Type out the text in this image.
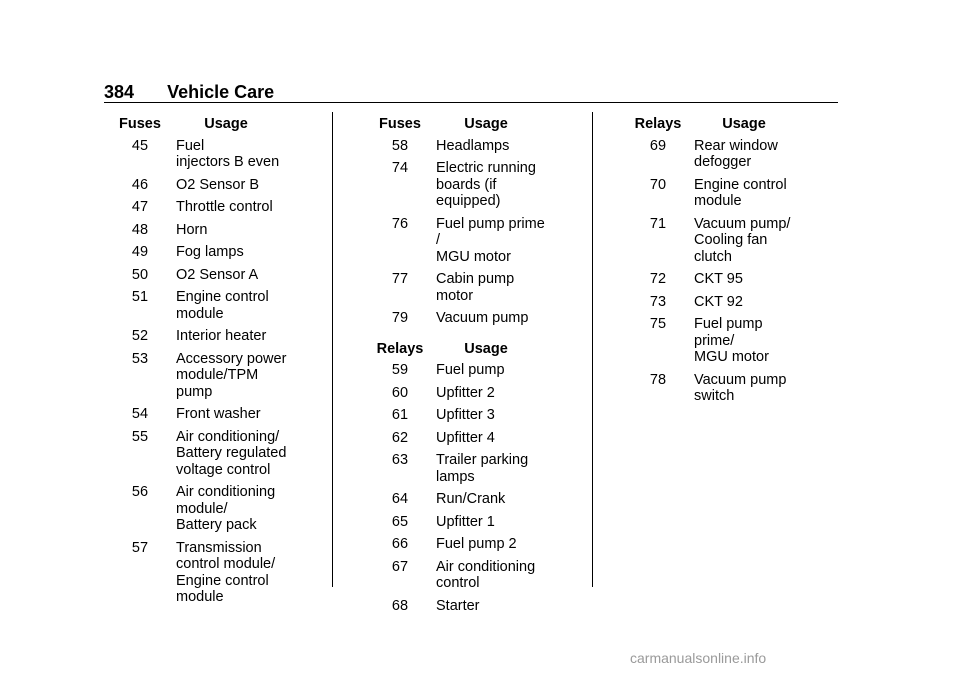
384 Vehicle Care
Fuses	Usage
45	Fuel
injectors B even
46	O2 Sensor B
47	Throttle control
48	Horn
49	Fog lamps
50	O2 Sensor A
51	Engine control
module
52	Interior heater
53	Accessory power
module/TPM pump
54	Front washer
55	Air conditioning/
Battery regulated
voltage control
56	Air conditioning
module/
Battery pack
57	Transmission
control module/
Engine control
module
Fuses	Usage
58	Headlamps
74	Electric running
boards (if
equipped)
76	Fuel pump prime /
MGU motor
77	Cabin pump motor
79	Vacuum pump
Relays	Usage
59	Fuel pump
60	Upfitter 2
61	Upfitter 3
62	Upfitter 4
63	Trailer parking
lamps
64	Run/Crank
65	Upfitter 1
66	Fuel pump 2
67	Air conditioning
control
68	Starter
Relays	Usage
69	Rear window
defogger
70	Engine control
module
71	Vacuum pump/
Cooling fan clutch
72	CKT 95
73	CKT 92
75	Fuel pump prime/
MGU motor
78	Vacuum pump
switch
carmanualsonline.info
